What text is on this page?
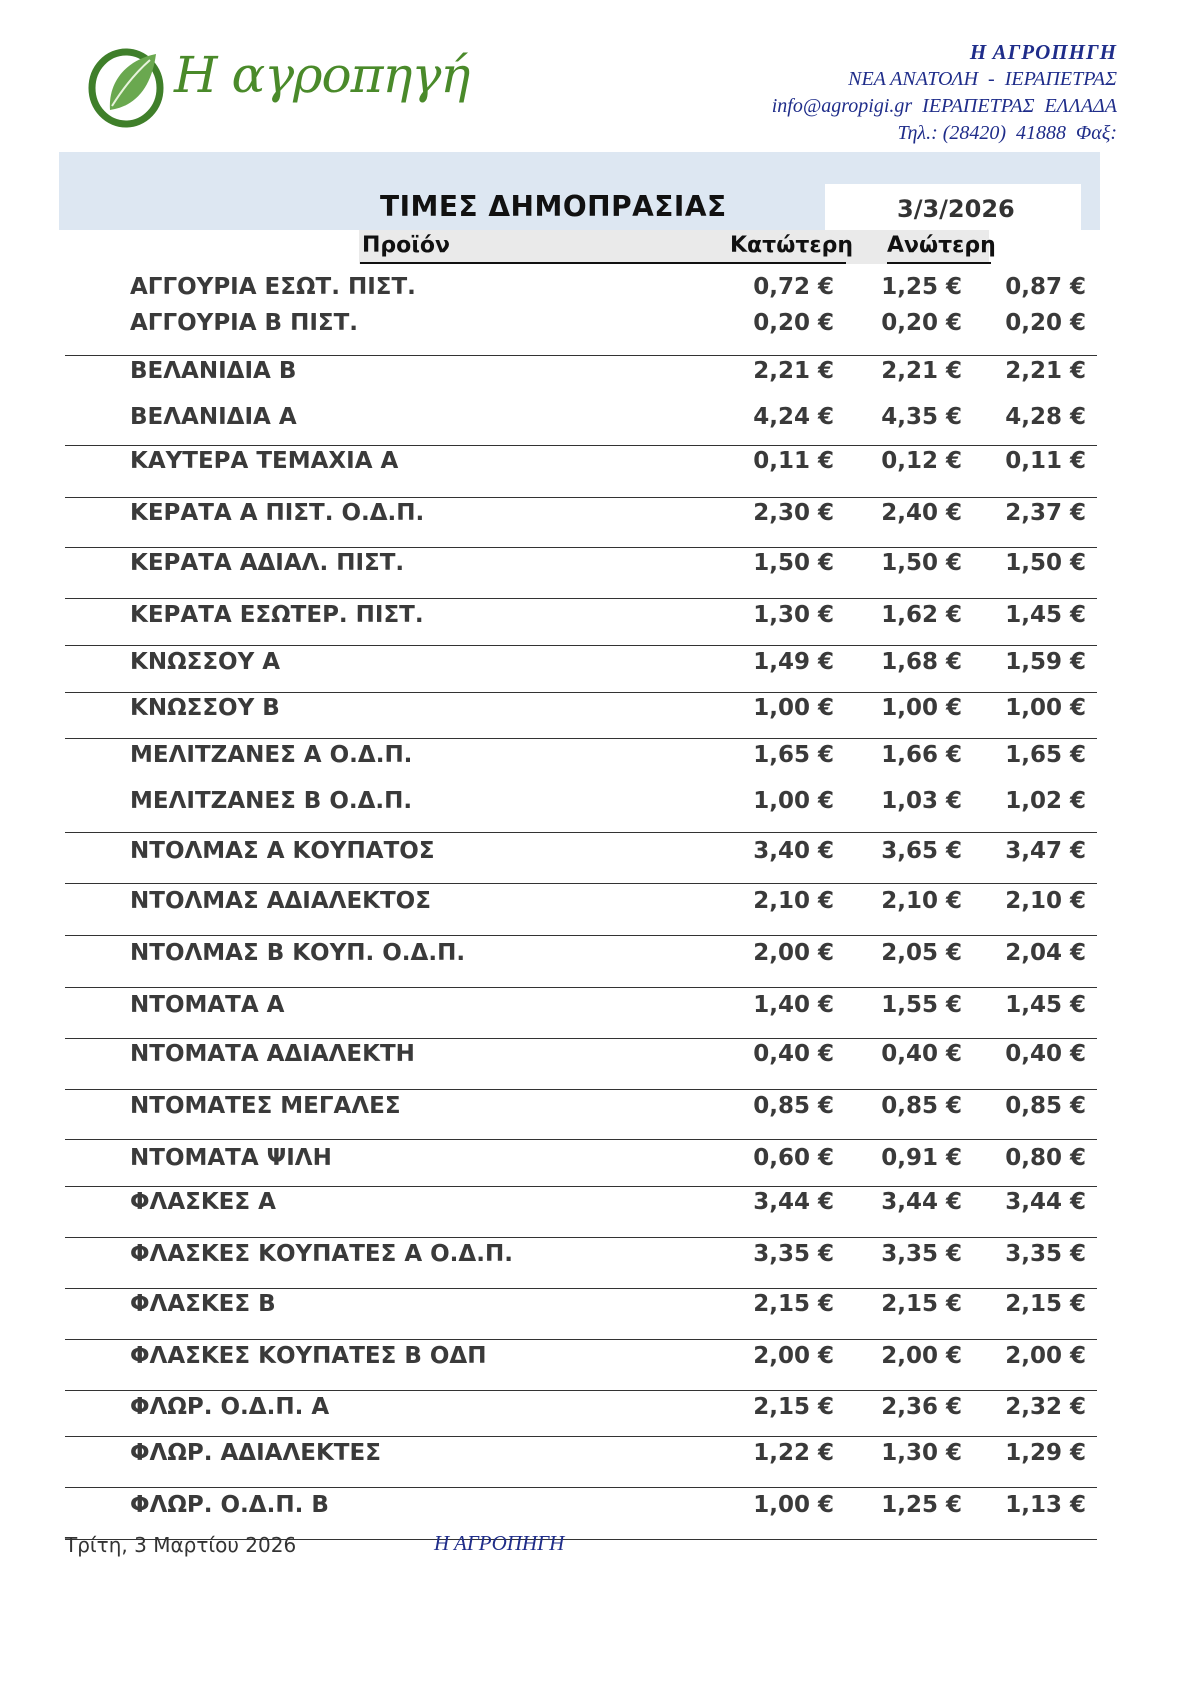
Η αγροπηγή	Η ΑΓΡΟΠΗΓΗ
ΝΕΑ ΑΝΑΤΟΛΗ  -  ΙΕΡΑΠΕΤΡΑΣ
info@agropigi.gr  ΙΕΡΑΠΕΤΡΑΣ  ΕΛΛΑΔΑ
Τηλ.: (28420)  41888  Φαξ:
ΤΙΜΕΣ ΔΗΜΟΠΡΑΣΙΑΣ	3/3/2026
Προϊόν	Κατώτερη Ανώτερη
ΑΓΓΟΥΡΙΑ ΕΣΩΤ. ΠΙΣΤ.	0,72 € 1,25 € 0,87 €
ΑΓΓΟΥΡΙΑ Β ΠΙΣΤ.	0,20 € 0,20 € 0,20 €
ΒΕΛΑΝΙΔΙΑ Β	2,21 € 2,21 € 2,21 €
ΒΕΛΑΝΙΔΙΑ Α	4,24 € 4,35 € 4,28 €
ΚΑΥΤΕΡΑ ΤΕΜΑΧΙΑ Α	0,11 € 0,12 € 0,11 €
ΚΕΡΑΤΑ Α ΠΙΣΤ. Ο.Δ.Π.	2,30 € 2,40 € 2,37 €
ΚΕΡΑΤΑ ΑΔΙΑΛ. ΠΙΣΤ.	1,50 € 1,50 € 1,50 €
ΚΕΡΑΤΑ ΕΣΩΤΕΡ. ΠΙΣΤ.	1,30 € 1,62 € 1,45 €
ΚΝΩΣΣΟΥ Α	1,49 € 1,68 € 1,59 €
ΚΝΩΣΣΟΥ Β	1,00 € 1,00 € 1,00 €
ΜΕΛΙΤΖΑΝΕΣ Α Ο.Δ.Π.	1,65 € 1,66 € 1,65 €
ΜΕΛΙΤΖΑΝΕΣ Β Ο.Δ.Π.	1,00 € 1,03 € 1,02 €
ΝΤΟΛΜΑΣ Α ΚΟΥΠΑΤΟΣ	3,40 € 3,65 € 3,47 €
ΝΤΟΛΜΑΣ ΑΔΙΑΛΕΚΤΟΣ	2,10 € 2,10 € 2,10 €
ΝΤΟΛΜΑΣ Β ΚΟΥΠ. Ο.Δ.Π.	2,00 € 2,05 € 2,04 €
ΝΤΟΜΑΤΑ Α	1,40 € 1,55 € 1,45 €
ΝΤΟΜΑΤΑ ΑΔΙΑΛΕΚΤΗ	0,40 € 0,40 € 0,40 €
ΝΤΟΜΑΤΕΣ ΜΕΓΑΛΕΣ	0,85 € 0,85 € 0,85 €
ΝΤΟΜΑΤΑ ΨΙΛΗ	0,60 € 0,91 € 0,80 €
ΦΛΑΣΚΕΣ Α	3,44 € 3,44 € 3,44 €
ΦΛΑΣΚΕΣ ΚΟΥΠΑΤΕΣ Α Ο.Δ.Π.	3,35 € 3,35 € 3,35 €
ΦΛΑΣΚΕΣ Β	2,15 € 2,15 € 2,15 €
ΦΛΑΣΚΕΣ ΚΟΥΠΑΤΕΣ Β ΟΔΠ	2,00 € 2,00 € 2,00 €
ΦΛΩΡ. Ο.Δ.Π. Α	2,15 € 2,36 € 2,32 €
ΦΛΩΡ. ΑΔΙΑΛΕΚΤΕΣ	1,22 € 1,30 € 1,29 €
ΦΛΩΡ. Ο.Δ.Π. Β	1,00 € 1,25 € 1,13 €
Τρίτη, 3 Μαρτίου 2026	Η ΑΓΡΟΠΗΓΗ
